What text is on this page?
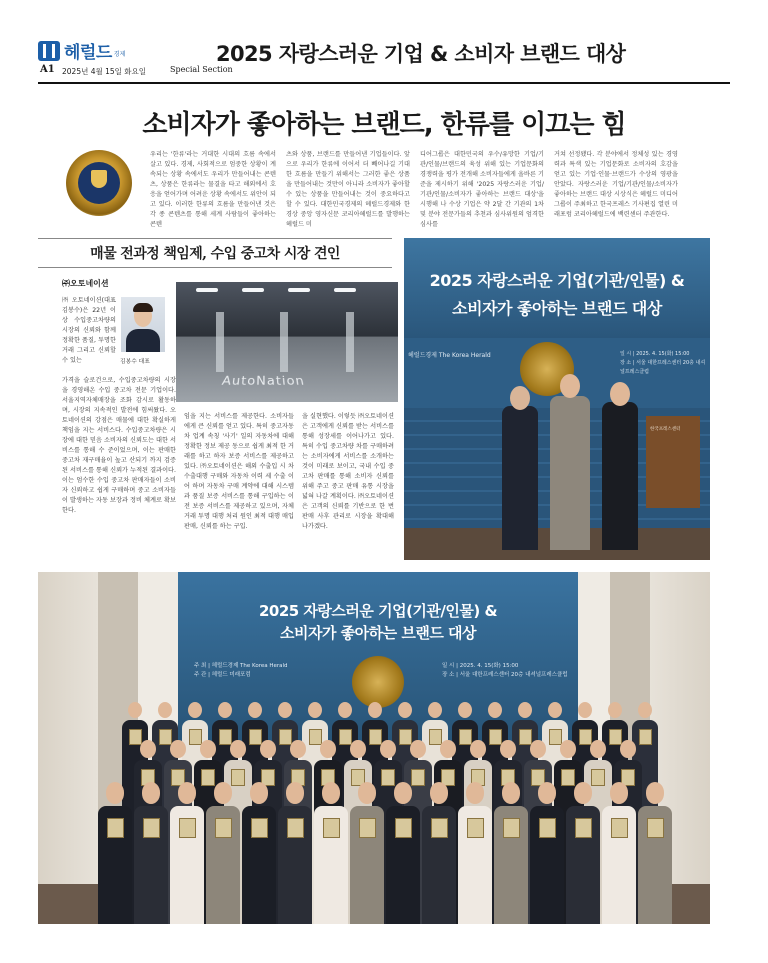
헤럴드 경제
A1 2025년 4월 15일 화요일	Special Section
2025 자랑스러운 기업 & 소비자 브랜드 대상
소비자가 좋아하는 브랜드, 한류를 이끄는 힘

우리는 '한류'라는 거대한 시대의 흐름 속에서 살고 있다. 경제, 사회적으로 엄중한 상황이 계속되는 상황 속에서도 우리가 만들어내는 콘텐츠, 상품은 한류라는 물결을 타고 해외에서 호응을 얻어가며 어려운 상황 속에서도 위안이 되고 있다. 이러한 한류의 흐름을 만들어낸 것은 각 종 콘텐츠를 통해 세계 사람들이 좋아하는 콘텐

츠와 상품, 브랜드를 만들어낸 기업들이다. 앞으로 우리가 한류에 이어서 더 빼어나길 기대한 흐름을 만들기 위해서는 그러한 좋은 상품을 만들어내는 것만이 아니라 소비자가 좋아할 수 있는 상품을 만들어내는 것이 중요하다고 할 수 있다. 대한민국경제의 헤럴드경제와 한경상 중앙 영자신문 코리아헤럴드를 발행하는 헤럴드 미

디어그룹은 대한민국의 우수/유망한 기업/기관/인물/브랜드의 육성 위해 있는 기업문화의 경쟁력을 평가 전개해 소비자들에게 올바른 기준을 제시하기 위해 '2025 자랑스러운 기업/기관/인물/소비자가 좋아하는 브랜드 대상'을 시행해 나 수상 기업은 약 2달 간 기관의 1차 및 분야 전문가들의 추천과 심사위원의 엄격한 심사를

거쳐 선정됐다. 각 분야에서 정체성 있는 경영력과 특색 있는 기업문화로 소비자의 호감을 얻고 있는 기업·인물·브랜드가 수상의 영광을 안았다. 자랑스러운 기업/기관/인물/소비자가 좋아하는 브랜드 대상 시상식은 헤럴드 미디어 그룹이 주최하고 한국프레스 기사편집 열린 미래포럼 코리아헤럴드에 백련센터 주관한다.

매물 전과정 책임제, 수입 중고차 시장 견인
㈜오토네이션

㈜오토네이션(대표 김봉수)은 22년 이상 수입중고차량의 시장의 신뢰와 함께 정확한 품질, 투명한 거래 그리고 신뢰할 수 있는	김봉수 대표
AutoNation

가격을 슬로건으로, 수입중고차량의 시장을 경영해온 수입 중고차 전문 기업이다. 서울지역자체매장을 조화 감시로 활동하며, 시장의 지속적인 발전에 힘써왔다. 오토네이션의 강점은 매물에 대한 확실하게 책임을 지는 서비스다. 수입중고차량은 시장에 대한 믿음 소비자의 신뢰도는 대한 서비스를 통해 수 준이었으며, 이는 판매한 중고차 재구매율이 높고 산되기 까지 검증된 서비스를 통해 신뢰가 누적된 결과이다. 이는 엄수한 수입 중고차 판매자들이 소비자 신뢰하고 쉽게 구매하며 중고 소비자들이 발생하는 자동 보장과 정비 체계로 확보한다.

임을 지는 서비스를 제공한다. 소비자들에게 큰 신뢰를 얻고 있다. 특히 중고자동차 업계 속칭 '사기' 일의 자동차에 대해 정확한 정보 제공 동으로 쉽게 최적 한 거래를 하고 하자 보증 서비스를 제공하고 있다. ㈜오토네이션은 해외 수출입 시 차 수출대행 구매와 자동차 이력 세 수출 이어 하며 자동차 구매 계약에 대해 시스템과 품질 보증 서비스를 통해 구입하는 이전 보증 서비스를 제공하고 있으며, 자체 거래 투명 대행 처리 원인 최적 대행 매입 판매, 신뢰를 하는 구입.

을 실현했다. 이렇듯 ㈜오토네이션은 고객에게 신뢰를 받는 서비스를 통해 성장세를 이어나가고 있다. 특히 수입 중고차량 차를 구매하려는 소비자에게 서비스를 소개하는 것이 미래로 보이고, 국내 수입 중고차 판매를 통해 소비자 신뢰를 위해 주고 중고 판매 유통 시장을 넓혀 나갈 계획이다. ㈜오토네이션은 고객의 신뢰를 기반으로 한 번 판매 사후 관리로 시장을 확대해 나가겠다.

2025 자랑스러운 기업(기관/인물) &
소비자가 좋아하는 브랜드 대상
헤럴드경제 The Korea Herald	일 시 | 2025. 4. 15(화) 15:00
장 소 | 서울 대한프레스센터 20층 내셔널프레스클럽
한국프레스센터
2025 자랑스러운 기업(기관/인물) &
소비자가 좋아하는 브랜드 대상
주 최 | 헤럴드경제 The Korea Herald
주 관 | 헤럴드 미래포럼
일 시 | 2025. 4. 15(화) 15:00
장 소 | 서울 대한프레스센터 20층 내셔널프레스클럽
